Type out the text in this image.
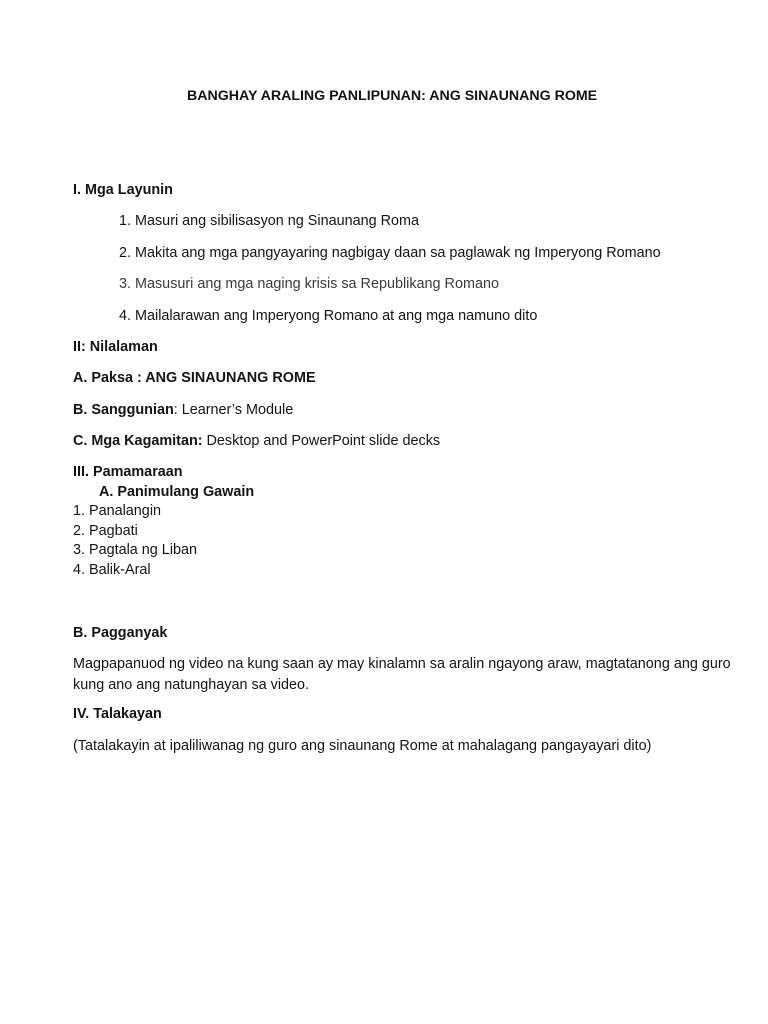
BANGHAY ARALING PANLIPUNAN: ANG SINAUNANG ROME
I. Mga Layunin
1. Masuri ang sibilisasyon ng Sinaunang Roma
2. Makita ang mga pangyayaring nagbigay daan sa paglawak ng Imperyong Romano
3. Masusuri ang mga naging krisis sa Republikang Romano
4. Mailalarawan ang Imperyong Romano at ang mga namuno dito
II: Nilalaman
A. Paksa : ANG SINAUNANG ROME
B. Sanggunian: Learner’s Module
C. Mga Kagamitan: Desktop and PowerPoint slide decks
III. Pamamaraan
A. Panimulang Gawain
1. Panalangin
2. Pagbati
3. Pagtala ng Liban
4. Balik-Aral
B. Pagganyak
Magpapanuod ng video na kung saan ay may kinalamn sa aralin ngayong araw, magtatanong ang guro kung ano ang natunghayan sa video.
IV. Talakayan
(Tatalakayin at ipaliliwanag ng guro ang sinaunang Rome at mahalagang pangayayari dito)
